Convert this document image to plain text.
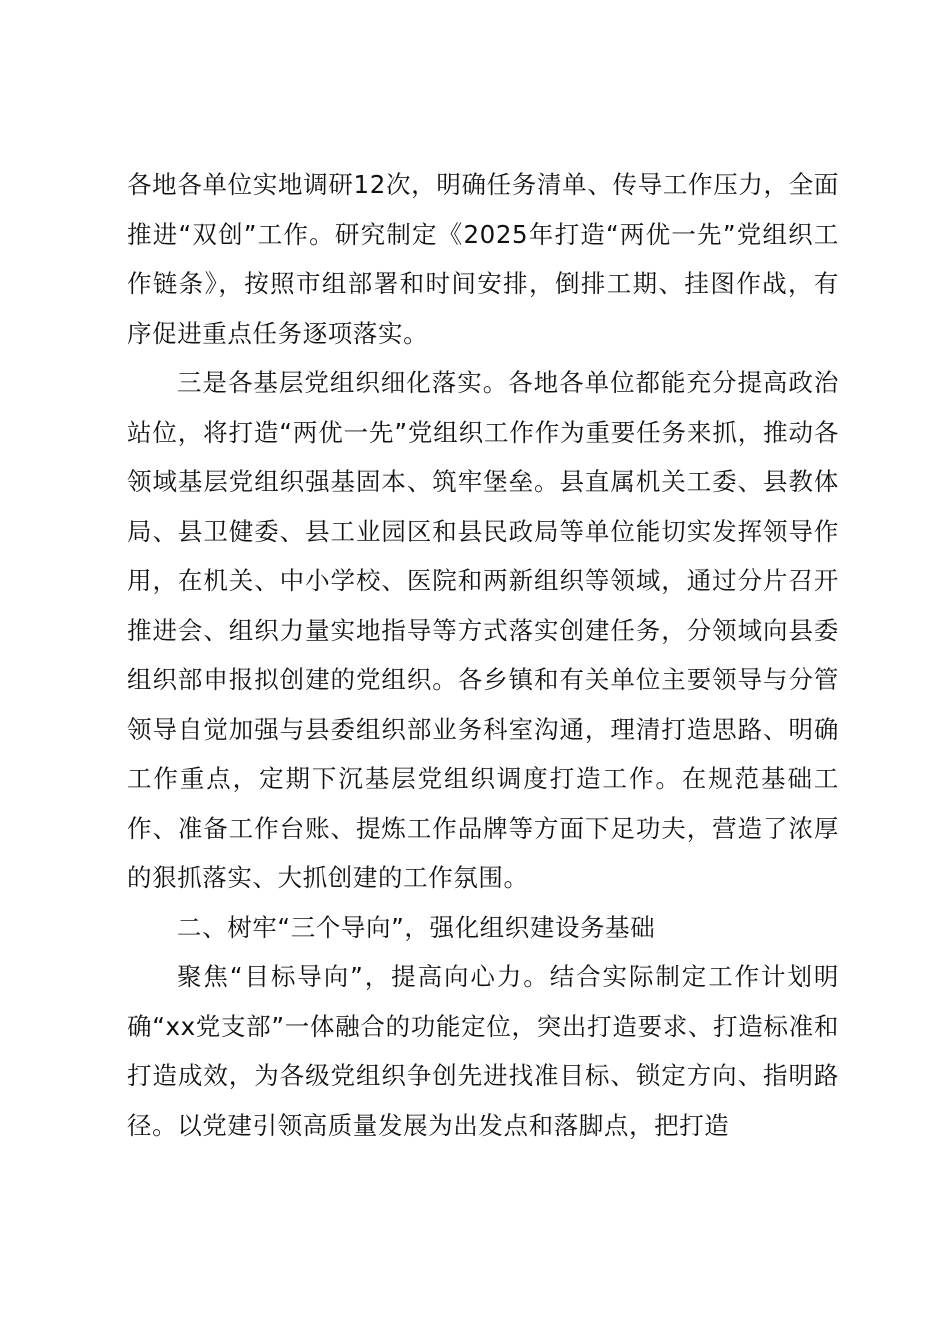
各地各单位实地调研12次，明确任务清单、传导工作压力，全面推进“双创”工作。研究制定《2025年打造“两优一先”党组织工作链条》，按照市组部署和时间安排，倒排工期、挂图作战，有序促进重点任务逐项落实。

三是各基层党组织细化落实。各地各单位都能充分提高政治站位，将打造“两优一先”党组织工作作为重要任务来抓，推动各领域基层党组织强基固本、筑牢堡垒。县直属机关工委、县教体局、县卫健委、县工业园区和县民政局等单位能切实发挥领导作用，在机关、中小学校、医院和两新组织等领域，通过分片召开推进会、组织力量实地指导等方式落实创建任务，分领域向县委组织部申报拟创建的党组织。各乡镇和有关单位主要领导与分管领导自觉加强与县委组织部业务科室沟通，理清打造思路、明确工作重点，定期下沉基层党组织调度打造工作。在规范基础工作、准备工作台账、提炼工作品牌等方面下足功夫，营造了浓厚的狠抓落实、大抓创建的工作氛围。

二、树牢“三个导向”，强化组织建设务基础

聚焦“目标导向”，提高向心力。结合实际制定工作计划明确“xx党支部”一体融合的功能定位，突出打造要求、打造标准和打造成效，为各级党组织争创先进找准目标、锁定方向、指明路径。以党建引领高质量发展为出发点和落脚点，把打造
